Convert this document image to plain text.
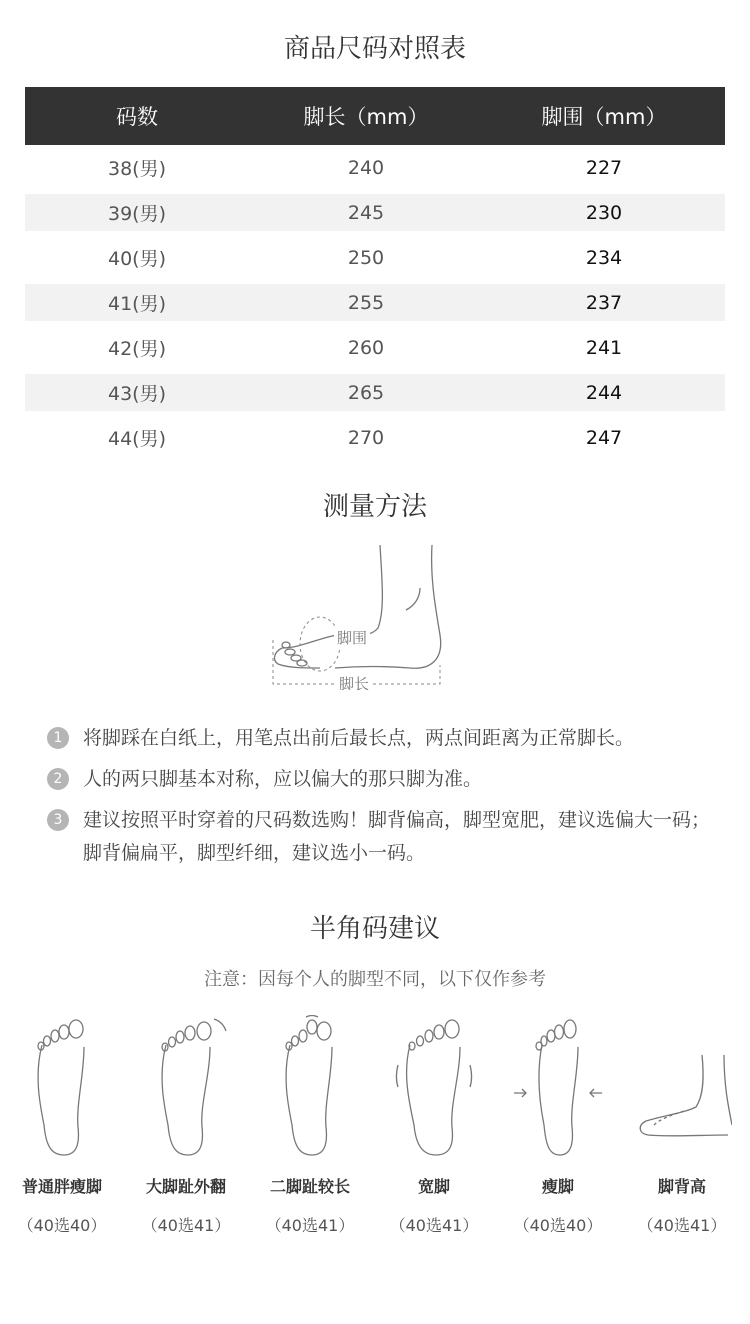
商品尺码对照表
码数	脚长（mm）	脚围（mm）
38(男)	240	227
39(男)	245	230
40(男)	250	234
41(男)	255	237
42(男)	260	241
43(男)	265	244
44(男)	270	247
测量方法
脚围
脚长
1	将脚踩在白纸上，用笔点出前后最长点，两点间距离为正常脚长。
2	人的两只脚基本对称，应以偏大的那只脚为准。
3	建议按照平时穿着的尺码数选购！脚背偏高，脚型宽肥，建议选偏大一码；脚背偏扁平，脚型纤细，建议选小一码。
半角码建议
注意：因每个人的脚型不同，以下仅作参考
普通胖瘦脚
（40选40）
大脚趾外翻
（40选41）
二脚趾较长
（40选41）
宽脚
（40选41）
瘦脚
（40选40）
脚背高
（40选41）
